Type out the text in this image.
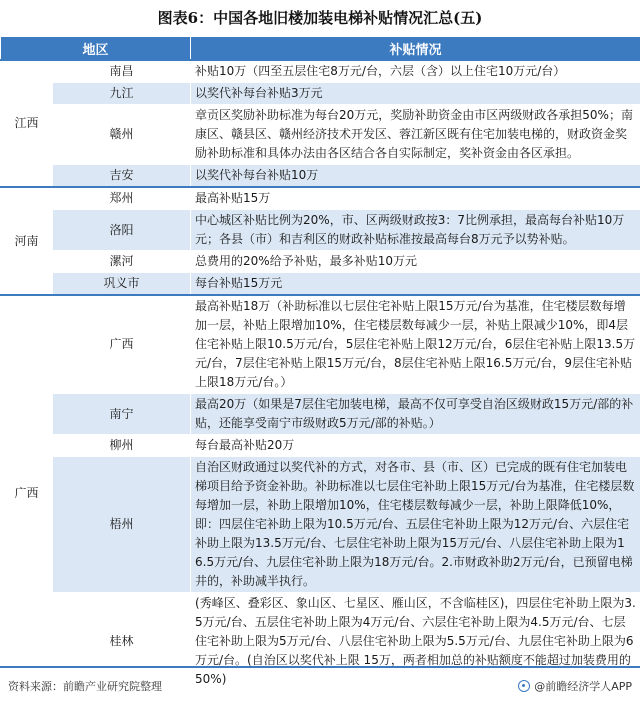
图表6：中国各地旧楼加装电梯补贴情况汇总(五)
地区		补贴情况
江西	南昌	补贴10万（四至五层住宅8万元/台，六层（含）以上住宅10万元/台）
	九江	以奖代补每台补贴3万元
	赣州	章贡区奖励补助标准为每台20万元，奖励补助资金由市区两级财政各承担50%；南康区、赣县区、赣州经济技术开发区、蓉江新区既有住宅加装电梯的，财政资金奖励补助标准和具体办法由各区结合各自实际制定，奖补资金由各区承担。
	吉安	以奖代补每台补贴10万
河南	郑州	最高补贴15万
	洛阳	中心城区补贴比例为20%，市、区两级财政按3：7比例承担，最高每台补贴10万元；各县（市）和吉利区的财政补贴标准按最高每台8万元予以势补贴。
	漯河	总费用的20%给予补贴，最多补贴10万元
	巩义市	每台补贴15万元
广西	广西	最高补贴18万（补助标准以七层住宅补贴上限15万元/台为基准，住宅楼层数每增加一层，补贴上限增加10%，住宅楼层数每减少一层，补贴上限减少10%，即4层住宅补贴上限10.5万元/台，5层住宅补贴上限12万元/台，6层住宅补贴上限13.5万元/台，7层住宅补贴上限15万元/台，8层住宅补贴上限16.5万元/台，9层住宅补贴上限18万元/台。）
	南宁	最高20万（如果是7层住宅加装电梯，最高不仅可享受自治区级财政15万元/部的补贴，还能享受南宁市级财政5万元/部的补贴。）
	柳州	每台最高补贴20万
	梧州	自治区财政通过以奖代补的方式，对各市、县（市、区）已完成的既有住宅加装电梯项目给予资金补助。补助标准以七层住宅补助上限15万元/台为基准，住宅楼层数每增加一层，补助上限增加10%，住宅楼层数每减少一层，补助上限降低10%，即：四层住宅补助上限为10.5万元/台、五层住宅补助上限为12万元/台、六层住宅补助上限为13.5万元/台、七层住宅补助上限为15万元/台、八层住宅补助上限为16.5万元/台、九层住宅补助上限为18万元/台。2.市财政补助2万元/台，已预留电梯井的，补助减半执行。
	桂林	(秀峰区、叠彩区、象山区、七星区、雁山区，不含临桂区)，四层住宅补助上限为3.5万元/台、五层住宅补助上限为4万元/台、六层住宅补助上限为4.5万元/台、七层住宅补助上限为5万元/台、八层住宅补助上限为5.5万元/台、九层住宅补助上限为6万元/台。(自治区以奖代补上限 15万，两者相加总的补贴额度不能超过加装费用的50%)
资料来源：前瞻产业研究院整理	@前瞻经济学人APP
